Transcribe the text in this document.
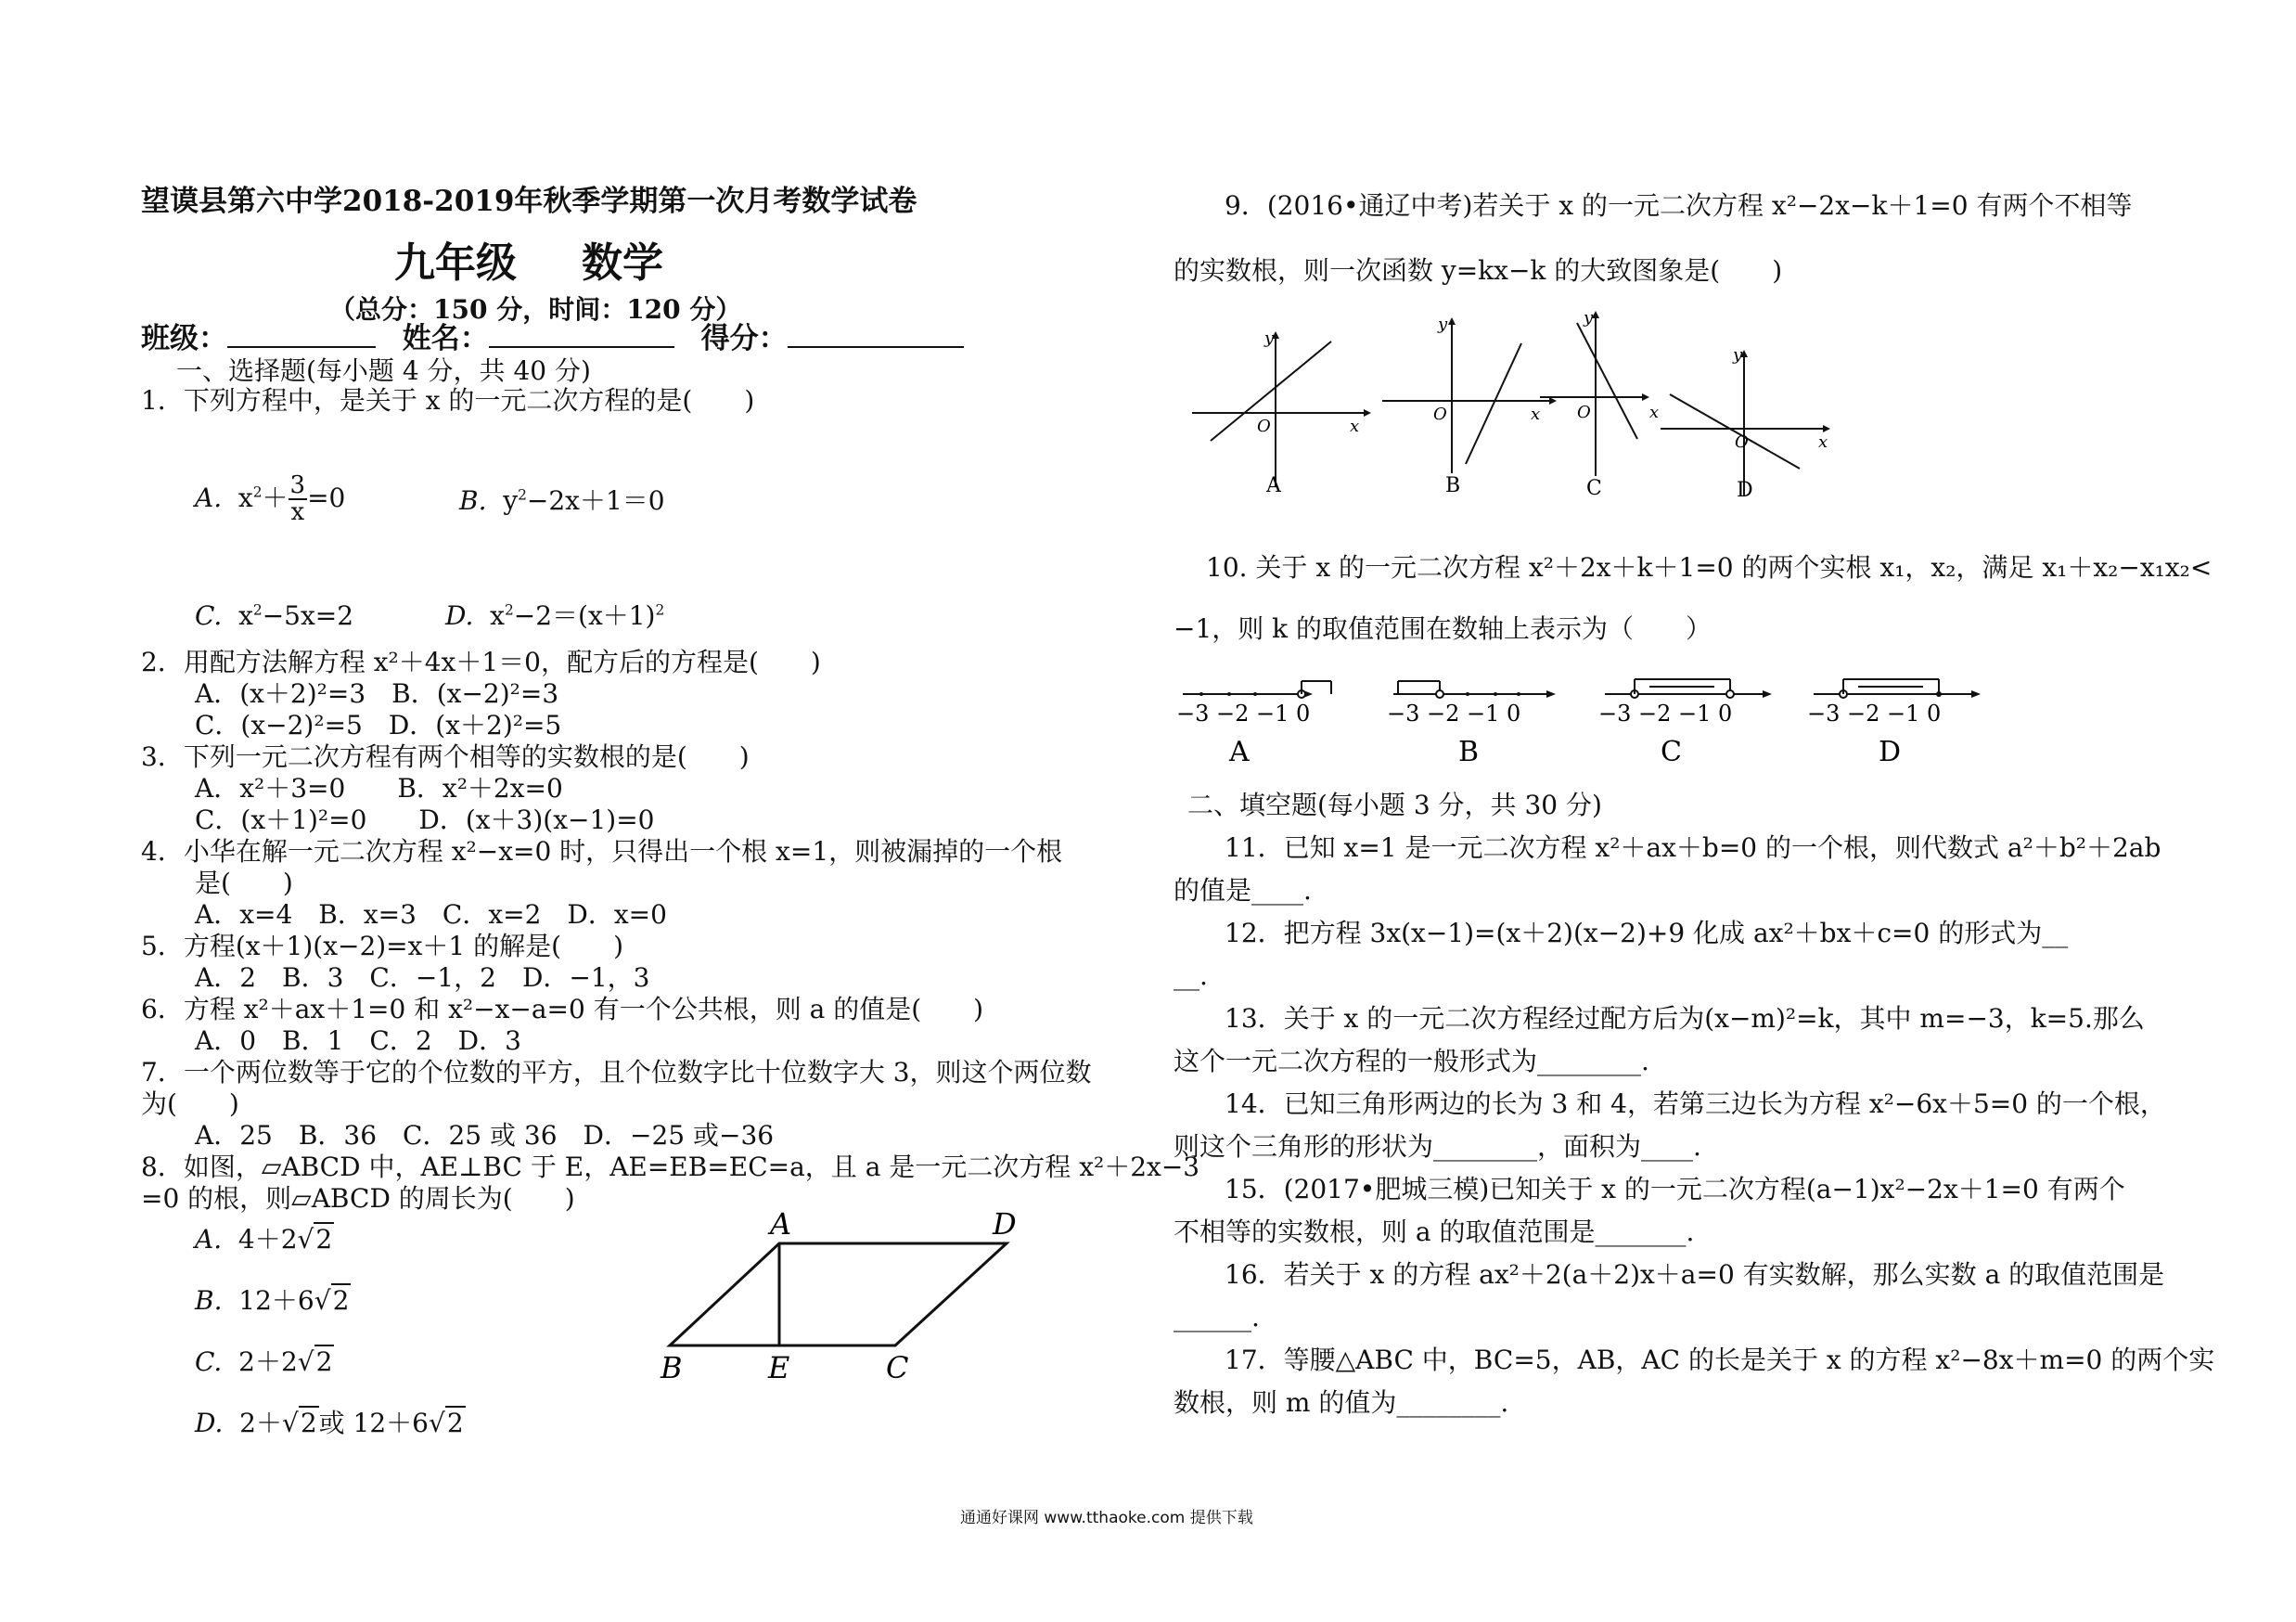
望谟县第六中学2018-2019年秋季学期第一次月考数学试卷
九年级 数学
（总分：150 分，时间：120 分）
班级：	姓名：	得分：
一、选择题(每小题 4 分，共 40 分)
1．下列方程中，是关于 x 的一元二次方程的是(　　)
A.  $x^2+ \frac{3}{x} =0$	B.  $y^2-2x+1=0$
C.  $x^2-5x=2$	D.  $x^2-2=(x+1)^2$
2．用配方法解方程 x²＋4x＋1＝0，配方后的方程是(　　)
A．(x＋2)²=3　B．(x−2)²=3
C．(x−2)²=5　D．(x＋2)²=5
3．下列一元二次方程有两个相等的实数根的是(　　)
A．x²＋3=0　　B．x²＋2x=0
C．(x＋1)²=0　　D．(x＋3)(x−1)=0
4．小华在解一元二次方程 x²−x=0 时，只得出一个根 x=1，则被漏掉的一个根
是(　　)
A．x=4　B．x=3　C．x=2　D．x=0
5．方程(x＋1)(x−2)=x＋1 的解是(　　)
A．2　B．3　C．−1，2　D．−1，3
6．方程 x²＋ax＋1=0 和 x²−x−a=0 有一个公共根，则 a 的值是(　　)
A．0　B．1　C．2　D．3
7．一个两位数等于它的个位数的平方，且个位数字比十位数字大 3，则这个两位数
为(　　)
A．25　B．36　C．25 或 36　D．−25 或−36
8．如图，▱ABCD 中，AE⊥BC 于 E，AE=EB=EC=a，且 a 是一元二次方程 x²＋2x−3
=0 的根，则▱ABCD 的周长为(　　)
A.  4＋2√2
B.  12＋6√2
C.  2＋2√2
D.  2＋√2或 12＋6√2
A	D
B	E	C
9．(2016•通辽中考)若关于 x 的一元二次方程 x²−2x−k＋1=0 有两个不相等
的实数根，则一次函数 y=kx−k 的大致图象是(　　)
y
x
O
A
y
x
O
B
y
x
O
C
y
x
O
D
10. 关于 x 的一元二次方程 x²＋2x＋k＋1=0 的两个实根 x₁，x₂，满足 x₁＋x₂−x₁x₂<
−1，则 k 的取值范围在数轴上表示为（　　）
−3 −2 −1 0
A
−3 −2 −1 0
B
−3 −2 −1 0
C
−3 −2 −1 0
D
二、填空题(每小题 3 分，共 30 分)
11．已知 x=1 是一元二次方程 x²＋ax＋b=0 的一个根，则代数式 a²＋b²＋2ab
的值是____.
12．把方程 3x(x−1)=(x＋2)(x−2)+9 化成 ax²＋bx＋c=0 的形式为__
__.
13．关于 x 的一元二次方程经过配方后为(x−m)²=k，其中 m=−3，k=5.那么
这个一元二次方程的一般形式为________.
14．已知三角形两边的长为 3 和 4，若第三边长为方程 x²−6x＋5=0 的一个根，
则这个三角形的形状为________，面积为____.
15．(2017•肥城三模)已知关于 x 的一元二次方程(a−1)x²−2x＋1=0 有两个
不相等的实数根，则 a 的取值范围是_______.
16．若关于 x 的方程 ax²＋2(a＋2)x＋a=0 有实数解，那么实数 a 的取值范围是
______.
17．等腰△ABC 中，BC=5，AB，AC 的长是关于 x 的方程 x²−8x＋m=0 的两个实
数根，则 m 的值为________.
通通好课网 www.tthaoke.com 提供下载
